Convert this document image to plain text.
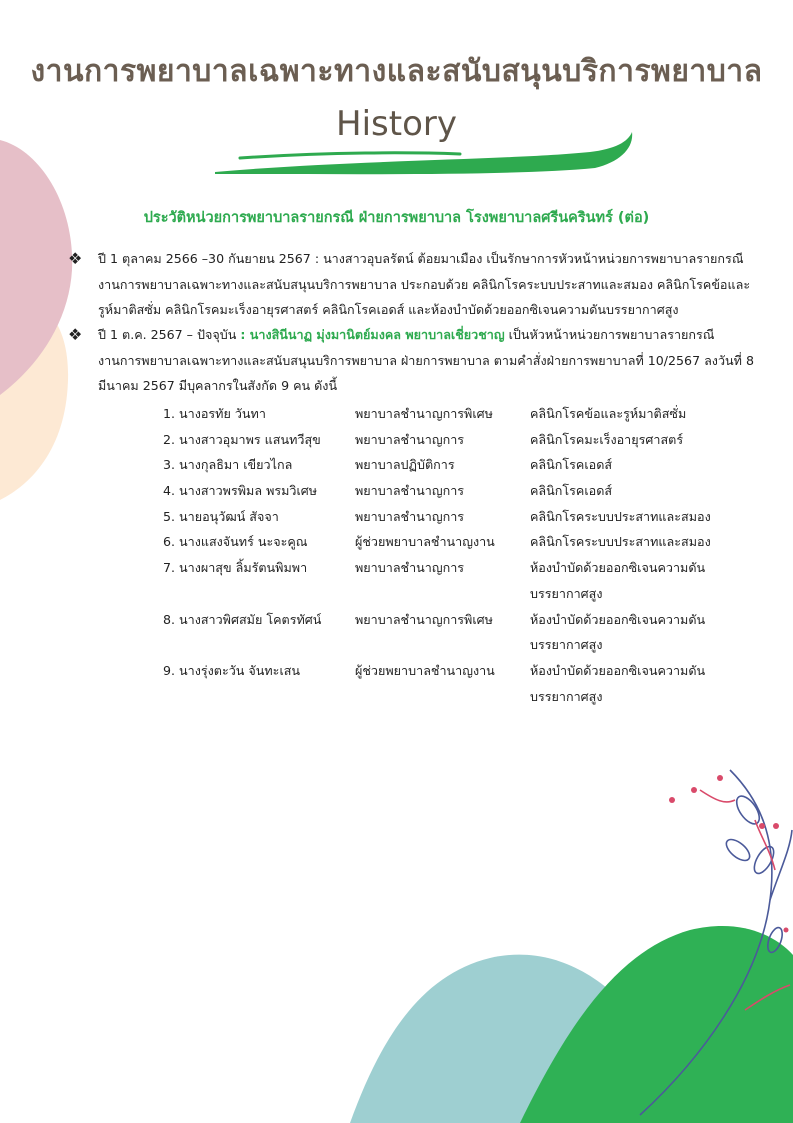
งานการพยาบาลเฉพาะทางและสนับสนุนบริการพยาบาล
History
ประวัติหน่วยการพยาบาลรายกรณี ฝ่ายการพยาบาล โรงพยาบาลศรีนครินทร์ (ต่อ)
❖	ปี 1 ตุลาคม 2566 –30 กันยายน 2567 : นางสาวอุบลรัตน์ ต้อยมาเมือง เป็นรักษาการหัวหน้าหน่วยการพยาบาลรายกรณี งานการพยาบาลเฉพาะทางและสนับสนุนบริการพยาบาล ประกอบด้วย คลินิกโรคระบบประสาทและสมอง คลินิกโรคข้อและรูห์มาติสซั่ม คลินิกโรคมะเร็งอายุรศาสตร์ คลินิกโรคเอดส์ และห้องบำบัดด้วยออกซิเจนความดันบรรยากาศสูง
❖	ปี 1 ต.ค. 2567 – ปัจจุบัน : นางสินีนาฏ มุ่งมานิตย์มงคล พยาบาลเชี่ยวชาญ เป็นหัวหน้าหน่วยการพยาบาลรายกรณี งานการพยาบาลเฉพาะทางและสนับสนุนบริการพยาบาล ฝ่ายการพยาบาล ตามคำสั่งฝ่ายการพยาบาลที่ 10/2567 ลงวันที่ 8 มีนาคม 2567 มีบุคลากรในสังกัด 9 คน ดังนี้
1. นางอรทัย วันทา	พยาบาลชำนาญการพิเศษ	คลินิกโรคข้อและรูห์มาติสซั่ม
2. นางสาวอุมาพร แสนทวีสุข	พยาบาลชำนาญการ	คลินิกโรคมะเร็งอายุรศาสตร์
3. นางกุลธิมา เขียวไกล	พยาบาลปฏิบัติการ	คลินิกโรคเอดส์
4. นางสาวพรพิมล พรมวิเศษ	พยาบาลชำนาญการ	คลินิกโรคเอดส์
5. นายอนุวัฒน์ สัจจา	พยาบาลชำนาญการ	คลินิกโรคระบบประสาทและสมอง
6. นางแสงจันทร์ นะจะคูณ	ผู้ช่วยพยาบาลชำนาญงาน	คลินิกโรคระบบประสาทและสมอง
7. นางผาสุข ลิ้มรัตนพิมพา	พยาบาลชำนาญการ	ห้องบำบัดด้วยออกซิเจนความดันบรรยากาศสูง
8. นางสาวพิศสมัย โคตรทัศน์	พยาบาลชำนาญการพิเศษ	ห้องบำบัดด้วยออกซิเจนความดันบรรยากาศสูง
9. นางรุ่งตะวัน จันทะเสน	ผู้ช่วยพยาบาลชำนาญงาน	ห้องบำบัดด้วยออกซิเจนความดันบรรยากาศสูง
